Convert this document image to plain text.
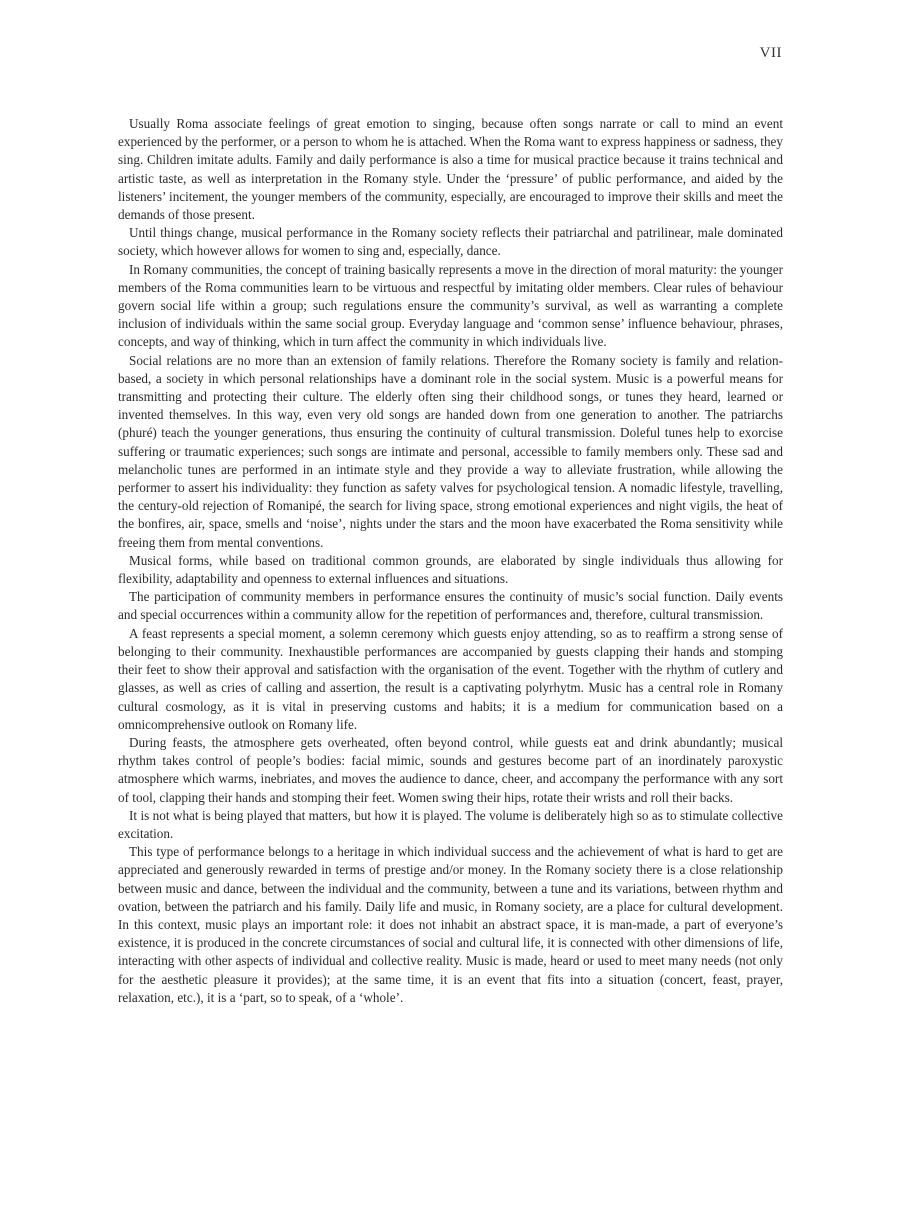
VII

Usually Roma associate feelings of great emotion to singing, because often songs narrate or call to mind an event experienced by the performer, or a person to whom he is attached. When the Roma want to express happiness or sadness, they sing. Children imitate adults. Family and daily performance is also a time for musical practice because it trains technical and artistic taste, as well as interpretation in the Romany style. Under the ‘pressure’ of public performance, and aided by the listeners’ incitement, the younger members of the community, especially, are encouraged to improve their skills and meet the demands of those present.

Until things change, musical performance in the Romany society reflects their patriarchal and patrilinear, male dominated society, which however allows for women to sing and, especially, dance.

In Romany communities, the concept of training basically represents a move in the direction of moral maturity: the younger members of the Roma communities learn to be virtuous and respectful by imitating older members. Clear rules of behaviour govern social life within a group; such regulations ensure the community’s survival, as well as warranting a complete inclusion of individuals within the same social group. Everyday language and ‘common sense’ influence behaviour, phrases, concepts, and way of thinking, which in turn affect the community in which individuals live.

Social relations are no more than an extension of family relations. Therefore the Romany society is family and relation-based, a society in which personal relationships have a dominant role in the social system. Music is a powerful means for transmitting and protecting their culture. The elderly often sing their childhood songs, or tunes they heard, learned or invented themselves. In this way, even very old songs are handed down from one generation to another. The patriarchs (phuré) teach the younger generations, thus ensuring the continuity of cultural transmission. Doleful tunes help to exorcise suffering or traumatic experiences; such songs are intimate and personal, accessible to family members only. These sad and melancholic tunes are performed in an intimate style and they provide a way to alleviate frustration, while allowing the performer to assert his individuality: they function as safety valves for psychological tension. A nomadic lifestyle, travelling, the century-old rejection of Romanipé, the search for living space, strong emotional experiences and night vigils, the heat of the bonfires, air, space, smells and ‘noise’, nights under the stars and the moon have exacerbated the Roma sensitivity while freeing them from mental conventions.

Musical forms, while based on traditional common grounds, are elaborated by single individuals thus allowing for flexibility, adaptability and openness to external influences and situations.

The participation of community members in performance ensures the continuity of music’s social function. Daily events and special occurrences within a community allow for the repetition of performances and, therefore, cultural transmission.

A feast represents a special moment, a solemn ceremony which guests enjoy attending, so as to reaffirm a strong sense of belonging to their community. Inexhaustible performances are accompanied by guests clapping their hands and stomping their feet to show their approval and satisfaction with the organisation of the event. Together with the rhythm of cutlery and glasses, as well as cries of calling and assertion, the result is a captivating polyrhytm. Music has a central role in Romany cultural cosmology, as it is vital in preserving customs and habits; it is a medium for communication based on a omnicomprehensive outlook on Romany life.

During feasts, the atmosphere gets overheated, often beyond control, while guests eat and drink abundantly; musical rhythm takes control of people’s bodies: facial mimic, sounds and gestures become part of an inordinately paroxystic atmosphere which warms, inebriates, and moves the audience to dance, cheer, and accompany the performance with any sort of tool, clapping their hands and stomping their feet. Women swing their hips, rotate their wrists and roll their backs.

It is not what is being played that matters, but how it is played. The volume is deliberately high so as to stimulate collective excitation.

This type of performance belongs to a heritage in which individual success and the achievement of what is hard to get are appreciated and generously rewarded in terms of prestige and/or money. In the Romany society there is a close relationship between music and dance, between the individual and the community, between a tune and its variations, between rhythm and ovation, between the patriarch and his family. Daily life and music, in Romany society, are a place for cultural development. In this context, music plays an important role: it does not inhabit an abstract space, it is man-made, a part of everyone’s existence, it is produced in the concrete circumstances of social and cultural life, it is connected with other dimensions of life, interacting with other aspects of individual and collective reality. Music is made, heard or used to meet many needs (not only for the aesthetic pleasure it provides); at the same time, it is an event that fits into a situation (concert, feast, prayer, relaxation, etc.), it is a ‘part, so to speak, of a ‘whole’.
